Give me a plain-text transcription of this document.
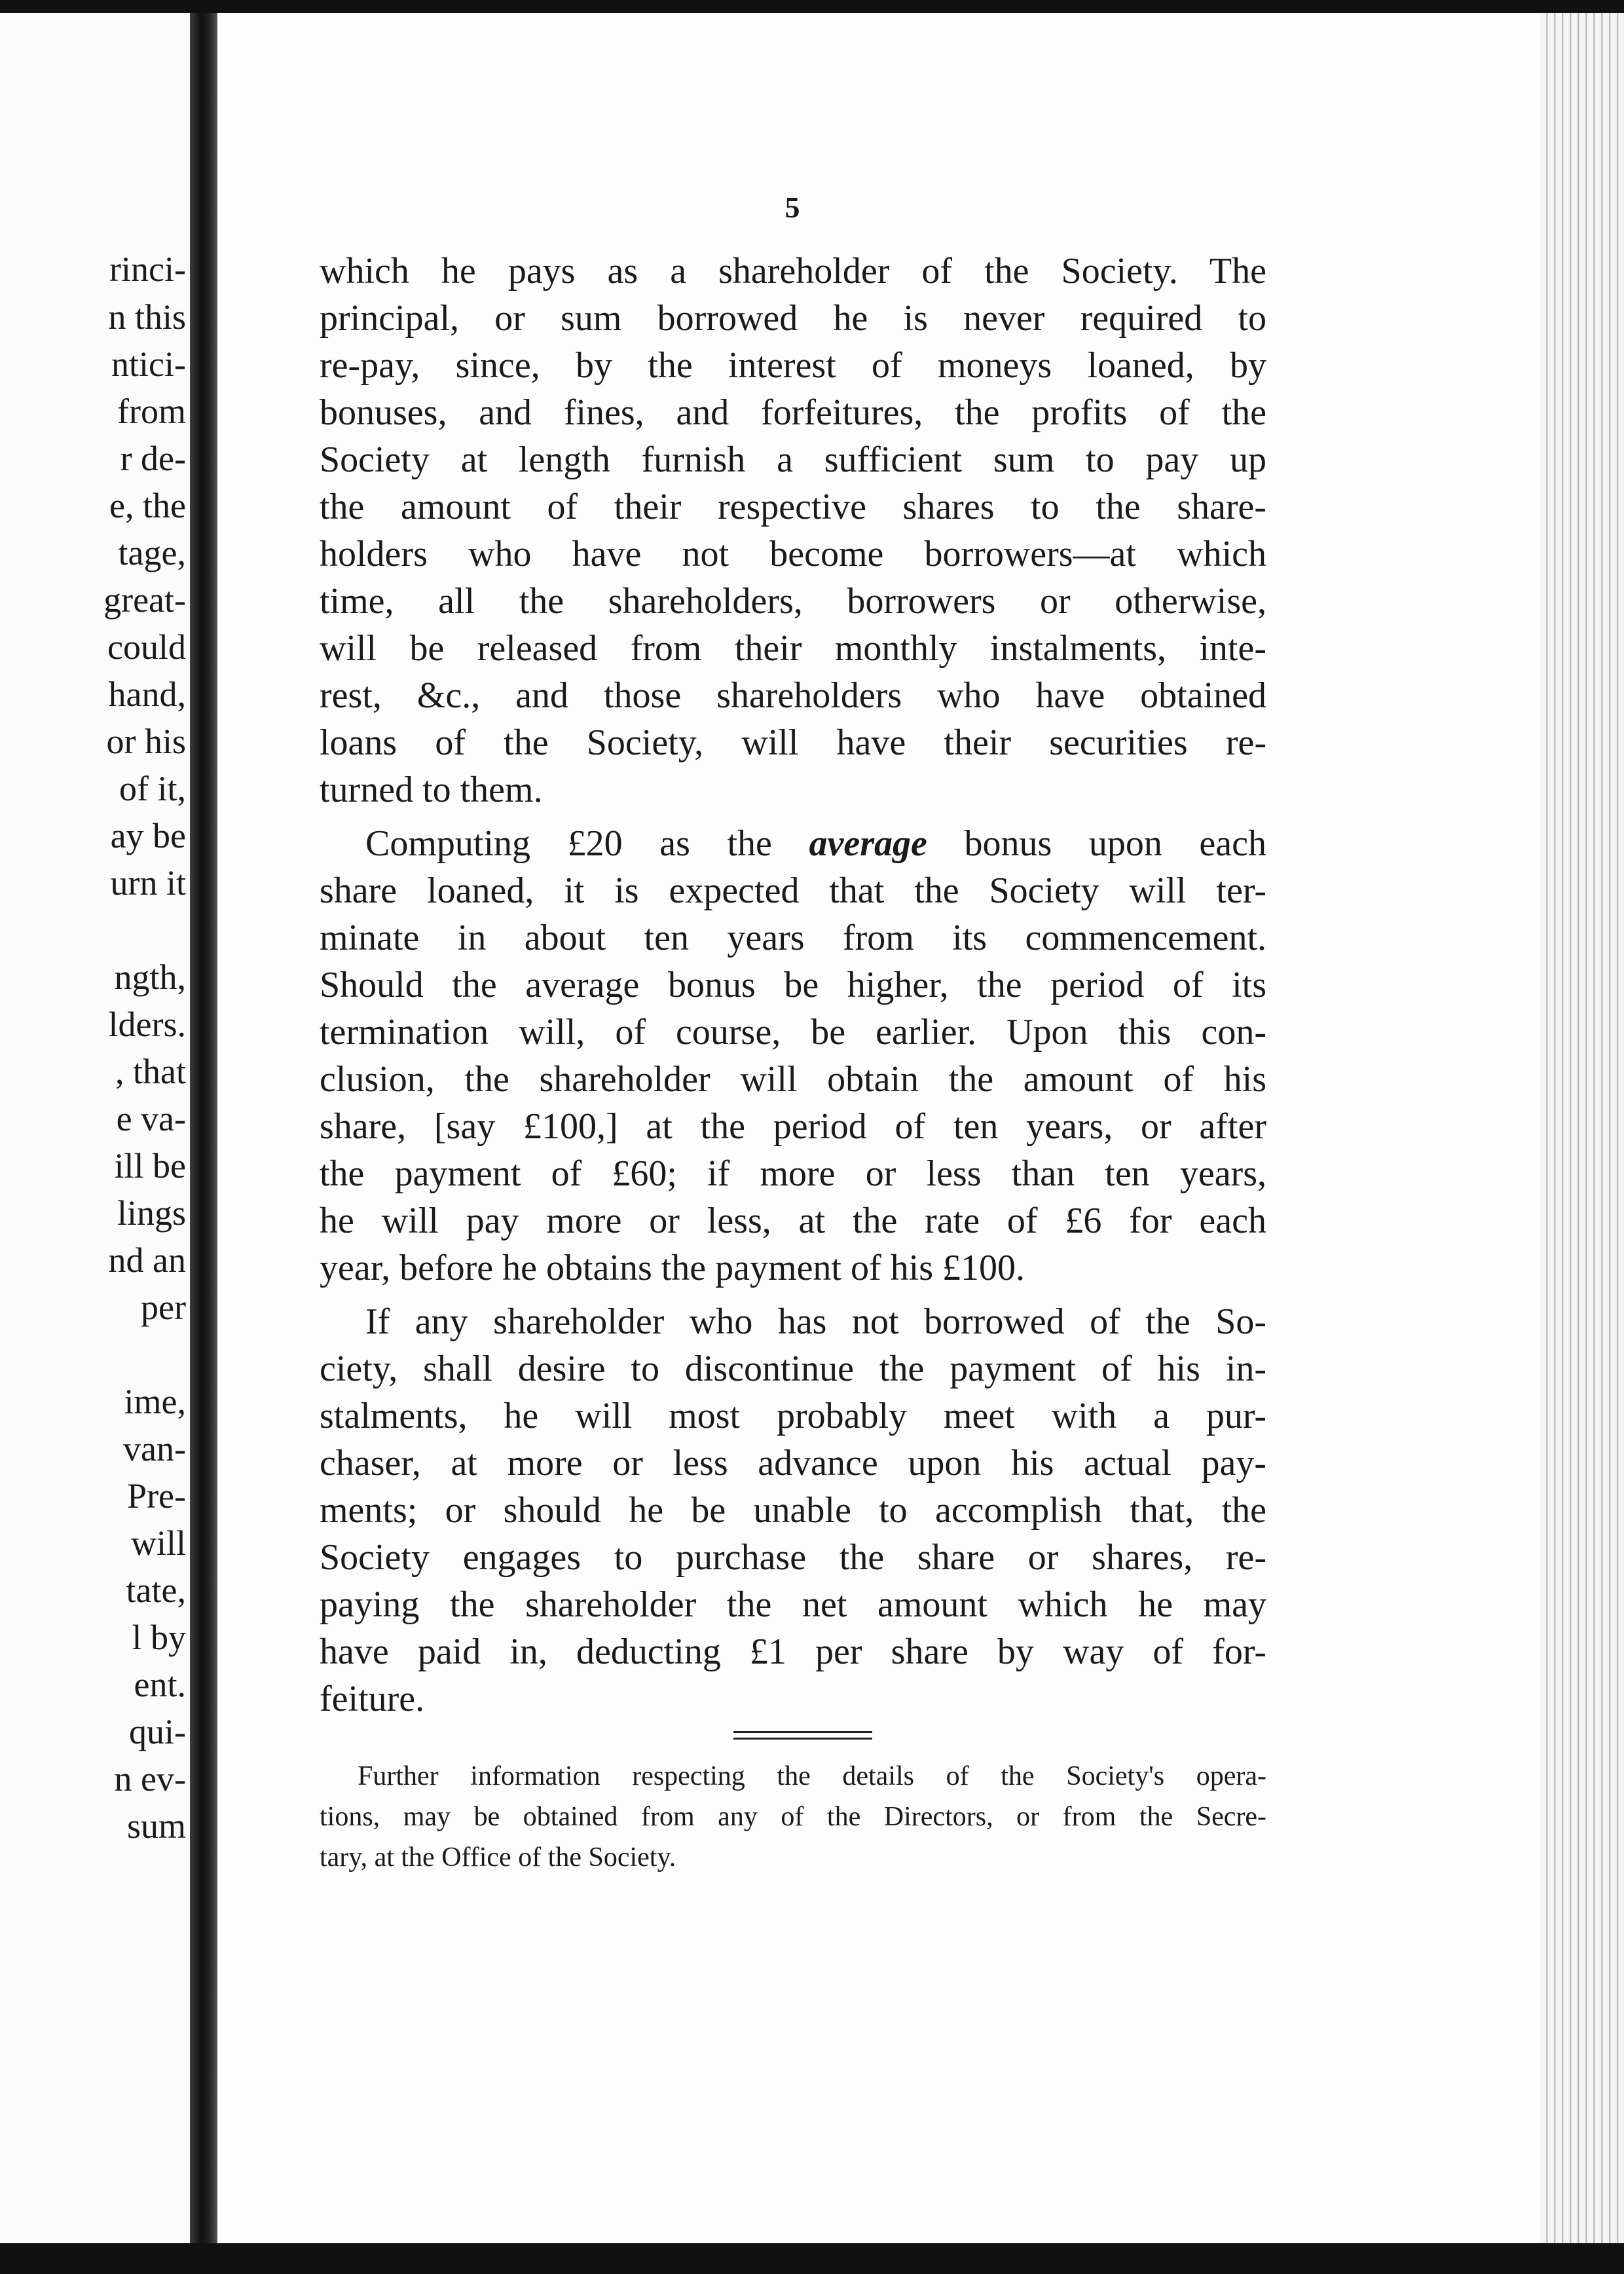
rinci-
n this
ntici-
from
r de-
e, the
tage,
great-
could
hand,
or his
of it,
ay be
urn it
ngth,
lders.
, that
e va-
ill be
lings
nd an
per
ime,
van-
Pre-
will
tate,
l by
ent.
qui-
n ev-
sum
5
which he pays as a shareholder of the Society. The
principal, or sum borrowed he is never required to
re-pay, since, by the interest of moneys loaned, by
bonuses, and fines, and forfeitures, the profits of the
Society at length furnish a sufficient sum to pay up
the amount of their respective shares to the share-
holders who have not become borrowers—at which
time, all the shareholders, borrowers or otherwise,
will be released from their monthly instalments, inte-
rest, &c., and those shareholders who have obtained
loans of the Society, will have their securities re-
turned to them.
Computing £20 as the average bonus upon each
share loaned, it is expected that the Society will ter-
minate in about ten years from its commencement.
Should the average bonus be higher, the period of its
termination will, of course, be earlier. Upon this con-
clusion, the shareholder will obtain the amount of his
share, [say £100,] at the period of ten years, or after
the payment of £60; if more or less than ten years,
he will pay more or less, at the rate of £6 for each
year, before he obtains the payment of his £100.
If any shareholder who has not borrowed of the So-
ciety, shall desire to discontinue the payment of his in-
stalments, he will most probably meet with a pur-
chaser, at more or less advance upon his actual pay-
ments; or should he be unable to accomplish that, the
Society engages to purchase the share or shares, re-
paying the shareholder the net amount which he may
have paid in, deducting £1 per share by way of for-
feiture.
Further information respecting the details of the Society's opera-
tions, may be obtained from any of the Directors, or from the Secre-
tary, at the Office of the Society.
